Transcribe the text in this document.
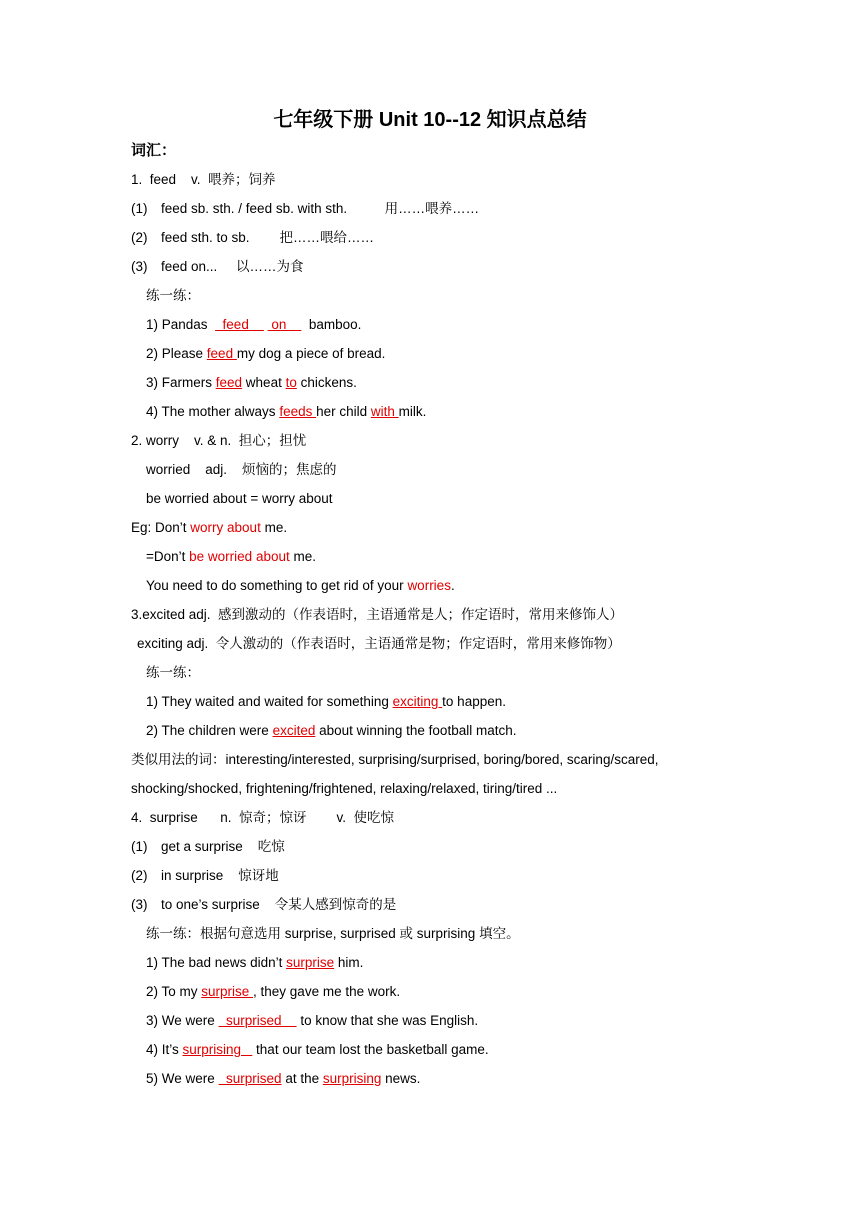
七年级下册 Unit 10--12 知识点总结
词汇：
1.  feed    v.  喂养；饲养
(1) feed sb. sth. / feed sb. with sth.          用……喂养……
(2) feed sth. to sb.        把……喂给……
(3) feed on...     以……为食
练一练：
1) Pandas    feed      on      bamboo.
2) Please feed my dog a piece of bread.
3) Farmers feed wheat to chickens.
4) The mother always feeds her child with milk.
2. worry    v. & n.  担心；担忧
worried    adj.    烦恼的；焦虑的
be worried about = worry about
Eg: Don’t worry about me.
=Don’t be worried about me.
You need to do something to get rid of your worries.
3.excited adj.  感到激动的（作表语时，主语通常是人；作定语时，常用来修饰人）
exciting adj.  令人激动的（作表语时，主语通常是物；作定语时，常用来修饰物）
练一练：
1) They waited and waited for something exciting to happen.
2) The children were excited about winning the football match.
类似用法的词：interesting/interested, surprising/surprised, boring/bored, scaring/scared,
shocking/shocked, frightening/frightened, relaxing/relaxed, tiring/tired ...
4.  surprise      n.  惊奇；惊讶        v.  使吃惊
(1) get a surprise    吃惊
(2) in surprise    惊讶地
(3) to one’s surprise    令某人感到惊奇的是
练一练：根据句意选用 surprise, surprised 或 surprising 填空。
1) The bad news didn’t surprise him.
2) To my surprise , they gave me the work.
3) We were   surprised     to know that she was English.
4) It’s surprising    that our team lost the basketball game.
5) We were   surprised at the surprising news.
